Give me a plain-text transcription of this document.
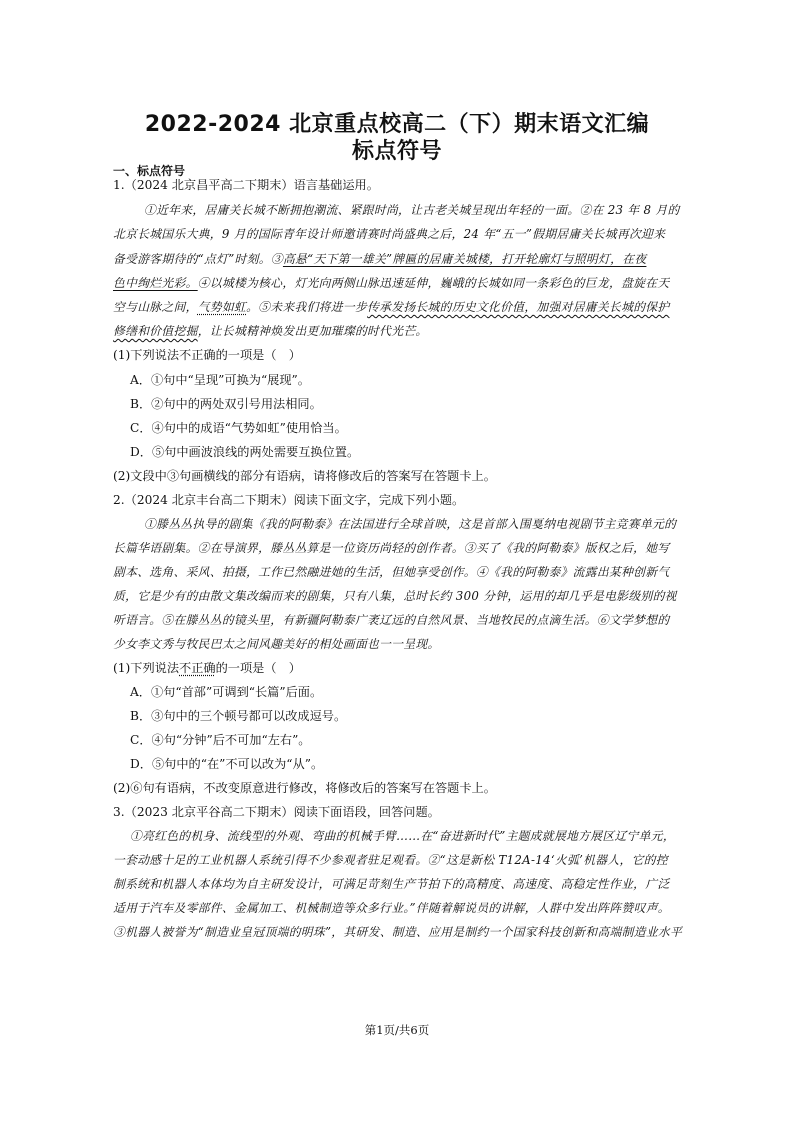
2022-2024 北京重点校高二（下）期末语文汇编
标点符号
一、标点符号
1.（2024 北京昌平高二下期末）语言基础运用。
①近年来，居庸关长城不断拥抱潮流、紧跟时尚，让古老关城呈现出年轻的一面。②在 23 年 8 月的
北京长城国乐大典，9 月的国际青年设计师邀请赛时尚盛典之后，24 年“五一”假期居庸关长城再次迎来
备受游客期待的“点灯”时刻。③高悬“天下第一雄关”牌匾的居庸关城楼，打开轮廓灯与照明灯，在夜
色中绚烂光彩。④以城楼为核心，灯光向两侧山脉迅速延伸，巍峨的长城如同一条彩色的巨龙，盘旋在天
空与山脉之间，气势如虹。⑤未来我们将进一步传承发扬长城的历史文化价值，加强对居庸关长城的保护
修缮和价值挖掘，让长城精神焕发出更加璀璨的时代光芒。
(1)下列说法不正确的一项是（　）
A．①句中“呈现”可换为“展现”。
B．②句中的两处双引号用法相同。
C．④句中的成语“气势如虹”使用恰当。
D．⑤句中画波浪线的两处需要互换位置。
(2)文段中③句画横线的部分有语病，请将修改后的答案写在答题卡上。
2.（2024 北京丰台高二下期末）阅读下面文字，完成下列小题。
①滕丛丛执导的剧集《我的阿勒泰》在法国进行全球首映，这是首部入围戛纳电视剧节主竞赛单元的
长篇华语剧集。②在导演界，滕丛丛算是一位资历尚轻的创作者。③买了《我的阿勒泰》版权之后，她写
剧本、选角、采风、拍摄，工作已然融进她的生活，但她享受创作。④《我的阿勒泰》流露出某种创新气
质，它是少有的由散文集改编而来的剧集，只有八集，总时长约 300 分钟，运用的却几乎是电影级别的视
听语言。⑤在滕丛丛的镜头里，有新疆阿勒泰广袤辽远的自然风景、当地牧民的点滴生活。⑥文学梦想的
少女李文秀与牧民巴太之间风趣美好的相处画面也一一呈现。
(1)下列说法不正确的一项是（　）
A．①句“首部”可调到“长篇”后面。
B．③句中的三个顿号都可以改成逗号。
C．④句“分钟”后不可加“左右”。
D．⑤句中的“在”不可以改为“从”。
(2)⑥句有语病，不改变原意进行修改，将修改后的答案写在答题卡上。
3.（2023 北京平谷高二下期末）阅读下面语段，回答问题。
①亮红色的机身、流线型的外观、弯曲的机械手臂……在“奋进新时代”主题成就展地方展区辽宁单元，
一套动感十足的工业机器人系统引得不少参观者驻足观看。②“这是新松 T12A-14‘火弧’机器人，它的控
制系统和机器人本体均为自主研发设计，可满足苛刻生产节拍下的高精度、高速度、高稳定性作业，广泛
适用于汽车及零部件、金属加工、机械制造等众多行业。”伴随着解说员的讲解，人群中发出阵阵赞叹声。
③机器人被誉为“制造业皇冠顶端的明珠”，其研发、制造、应用是制约一个国家科技创新和高端制造业水平
第1页/共6页
